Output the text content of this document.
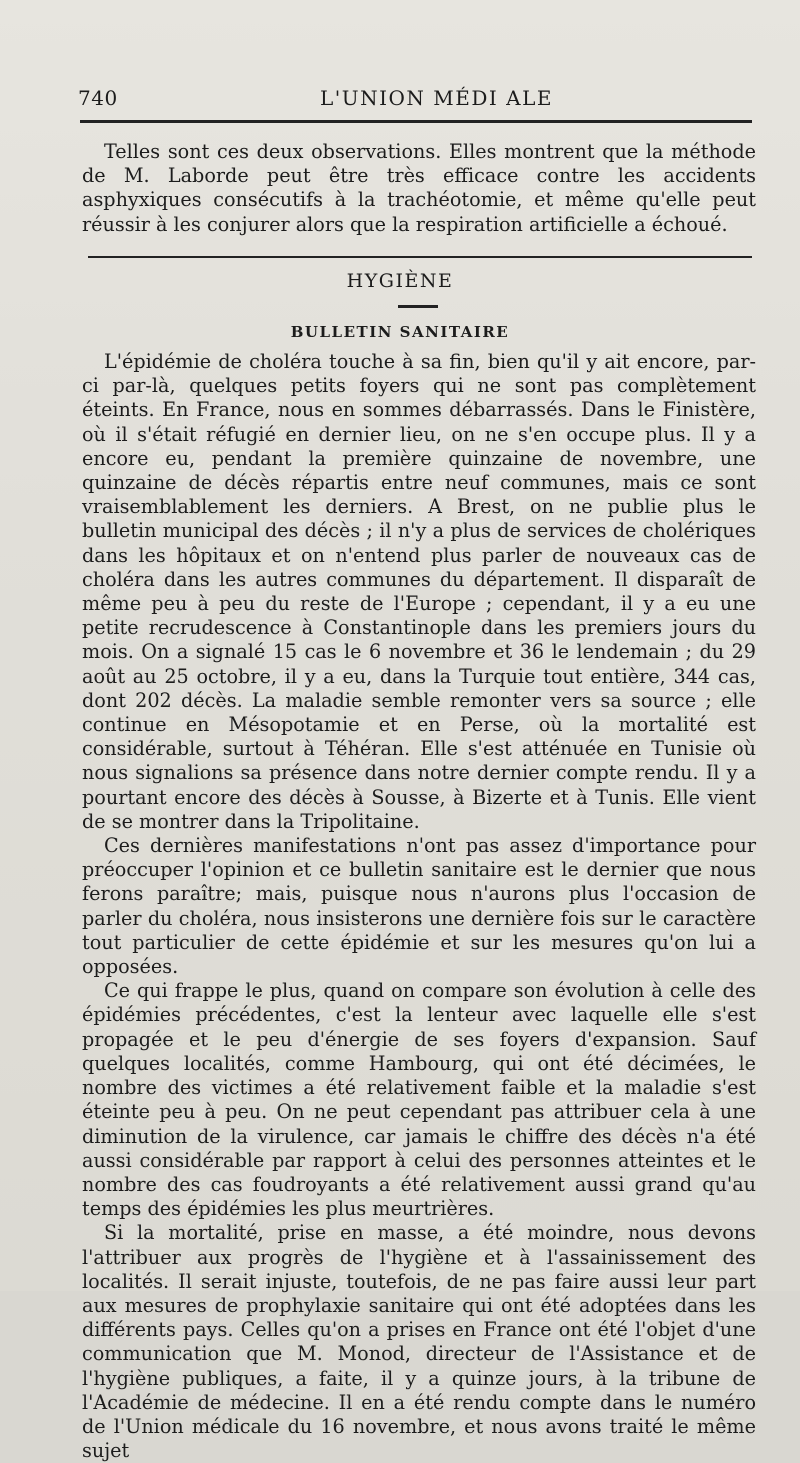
740	L'UNION MÉDI ALE

Telles sont ces deux observations. Elles montrent que la méthode de M. Laborde peut être très efficace contre les accidents asphyxiques consécutifs à la trachéotomie, et même qu'elle peut réussir à les conjurer alors que la respiration artificielle a échoué.

HYGIÈNE
BULLETIN SANITAIRE

L'épidémie de choléra touche à sa fin, bien qu'il y ait encore, par-ci par-là, quelques petits foyers qui ne sont pas complètement éteints. En France, nous en sommes débarrassés. Dans le Finistère, où il s'était réfugié en dernier lieu, on ne s'en occupe plus. Il y a encore eu, pendant la première quinzaine de novembre, une quinzaine de décès répartis entre neuf communes, mais ce sont vraisemblablement les derniers. A Brest, on ne publie plus le bulletin municipal des décès ; il n'y a plus de services de cholériques dans les hôpitaux et on n'entend plus parler de nouveaux cas de choléra dans les autres communes du département. Il disparaît de même peu à peu du reste de l'Europe ; cependant, il y a eu une petite recrudescence à Constantinople dans les premiers jours du mois. On a signalé 15 cas le 6 novembre et 36 le lendemain ; du 29 août au 25 octobre, il y a eu, dans la Turquie tout entière, 344 cas, dont 202 décès. La maladie semble remonter vers sa source ; elle continue en Mésopotamie et en Perse, où la mortalité est considérable, surtout à Téhéran. Elle s'est atténuée en Tunisie où nous signalions sa présence dans notre dernier compte rendu. Il y a pourtant encore des décès à Sousse, à Bizerte et à Tunis. Elle vient de se montrer dans la Tripolitaine.

Ces dernières manifestations n'ont pas assez d'importance pour préoccuper l'opinion et ce bulletin sanitaire est le dernier que nous ferons paraître; mais, puisque nous n'aurons plus l'occasion de parler du choléra, nous insisterons une dernière fois sur le caractère tout particulier de cette épidémie et sur les mesures qu'on lui a opposées.

Ce qui frappe le plus, quand on compare son évolution à celle des épidémies précédentes, c'est la lenteur avec laquelle elle s'est propagée et le peu d'énergie de ses foyers d'expansion. Sauf quelques localités, comme Hambourg, qui ont été décimées, le nombre des victimes a été relativement faible et la maladie s'est éteinte peu à peu. On ne peut cependant pas attribuer cela à une diminution de la virulence, car jamais le chiffre des décès n'a été aussi considérable par rapport à celui des personnes atteintes et le nombre des cas foudroyants a été relativement aussi grand qu'au temps des épidémies les plus meurtrières.

Si la mortalité, prise en masse, a été moindre, nous devons l'attribuer aux progrès de l'hygiène et à l'assainissement des localités. Il serait injuste, toutefois, de ne pas faire aussi leur part aux mesures de prophylaxie sanitaire qui ont été adoptées dans les différents pays. Celles qu'on a prises en France ont été l'objet d'une communication que M. Monod, directeur de l'Assistance et de l'hygiène publiques, a faite, il y a quinze jours, à la tribune de l'Académie de médecine. Il en a été rendu compte dans le numéro de l'Union médicale du 16 novembre, et nous avons traité le même sujet
